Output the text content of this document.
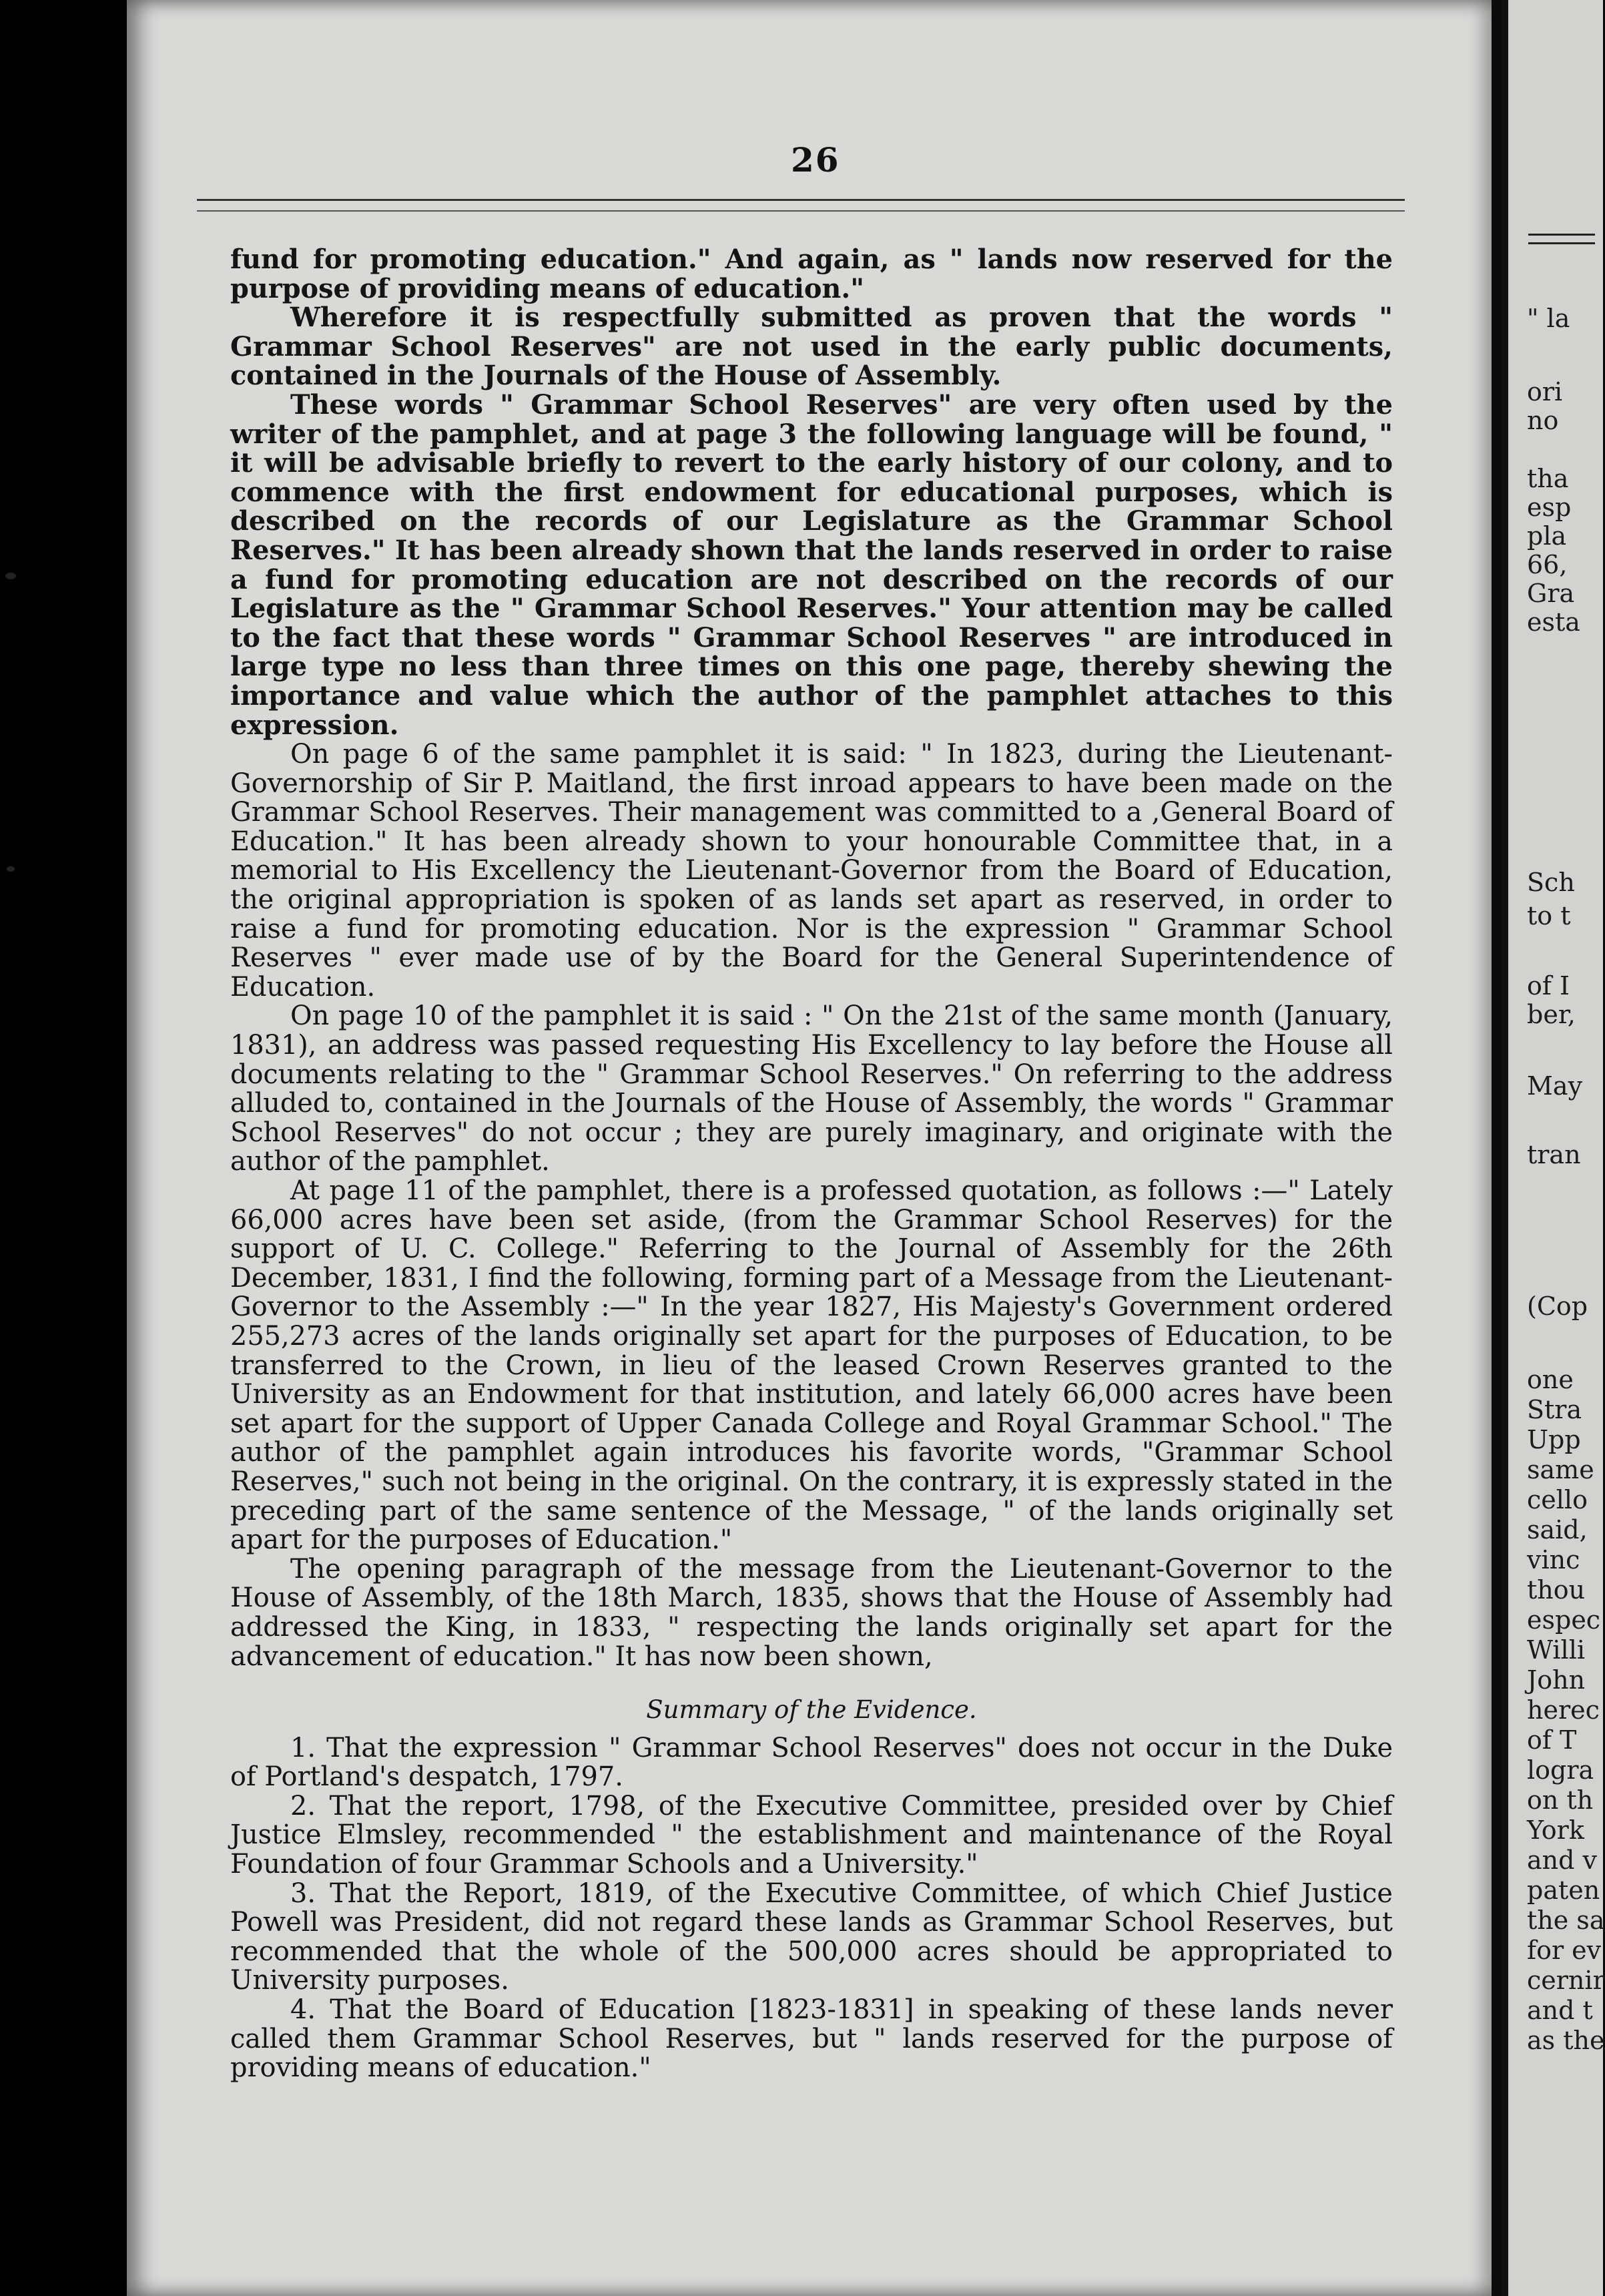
26

fund for promoting education." And again, as " lands now reserved for the purpose of providing means of education."

Wherefore it is respectfully submitted as proven that the words " Grammar School Reserves" are not used in the early public documents, contained in the Journals of the House of Assembly.

These words " Grammar School Reserves" are very often used by the writer of the pamphlet, and at page 3 the following language will be found, " it will be advisable briefly to revert to the early history of our colony, and to commence with the first endowment for educational purposes, which is described on the records of our Legislature as the Grammar School Reserves." It has been already shown that the lands reserved in order to raise a fund for promoting education are not described on the records of our Legislature as the " Grammar School Reserves." Your attention may be called to the fact that these words " Grammar School Reserves " are introduced in large type no less than three times on this one page, thereby shewing the importance and value which the author of the pamphlet attaches to this expression.

On page 6 of the same pamphlet it is said: " In 1823, during the Lieutenant-Governorship of Sir P. Maitland, the first inroad appears to have been made on the Grammar School Reserves. Their management was committed to a ,General Board of Education." It has been already shown to your honourable Committee that, in a memorial to His Excellency the Lieutenant-Governor from the Board of Education, the original appropriation is spoken of as lands set apart as reserved, in order to raise a fund for promoting education. Nor is the expression " Grammar School Reserves " ever made use of by the Board for the General Superintendence of Education.

On page 10 of the pamphlet it is said : " On the 21st of the same month (January, 1831), an address was passed requesting His Excellency to lay before the House all documents relating to the " Grammar School Reserves." On referring to the address alluded to, contained in the Journals of the House of Assembly, the words " Grammar School Reserves" do not occur ; they are purely imaginary, and originate with the author of the pamphlet.

At page 11 of the pamphlet, there is a professed quotation, as follows :—" Lately 66,000 acres have been set aside, (from the Grammar School Reserves) for the support of U. C. College." Referring to the Journal of Assembly for the 26th December, 1831, I find the following, forming part of a Message from the Lieutenant-Governor to the Assembly :—" In the year 1827, His Majesty's Government ordered 255,273 acres of the lands originally set apart for the purposes of Education, to be transferred to the Crown, in lieu of the leased Crown Reserves granted to the University as an Endowment for that institution, and lately 66,000 acres have been set apart for the support of Upper Canada College and Royal Grammar School." The author of the pamphlet again introduces his favorite words, "Grammar School Reserves," such not being in the original. On the contrary, it is expressly stated in the preceding part of the same sentence of the Message, " of the lands originally set apart for the purposes of Education."

The opening paragraph of the message from the Lieutenant-Governor to the House of Assembly, of the 18th March, 1835, shows that the House of Assembly had addressed the King, in 1833, " respecting the lands originally set apart for the advancement of education." It has now been shown,

Summary of the Evidence.

1. That the expression " Grammar School Reserves" does not occur in the Duke of Portland's despatch, 1797.

2. That the report, 1798, of the Executive Committee, presided over by Chief Justice Elmsley, recommended " the establishment and maintenance of the Royal Foundation of four Grammar Schools and a University."

3. That the Report, 1819, of the Executive Committee, of which Chief Justice Powell was President, did not regard these lands as Grammar School Reserves, but recommended that the whole of the 500,000 acres should be appropriated to University purposes.

4. That the Board of Education [1823-1831] in speaking of these lands never called them Grammar School Reserves, but " lands reserved for the purpose of providing means of education."

" la
ori
no
tha
esp
pla
66,
Gra
esta
Sch
to t
of I
ber,
May
tran
(Cop
one
Stra
Upp
same
cello
said,
vinc
thou
espec
Willi
John
herec
of T
logra
on th
York
and v
paten
the sa
for ev
cernir
and t
as the
